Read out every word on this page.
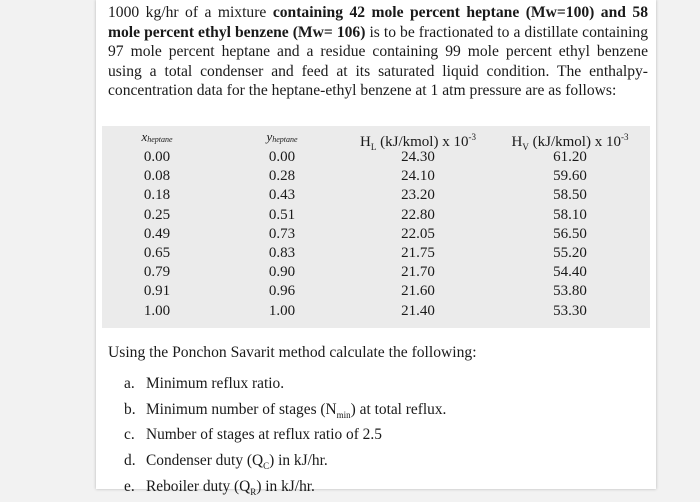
1000 kg/hr of a mixture containing 42 mole percent heptane (Mw=100) and 58 mole percent ethyl benzene (Mw= 106) is to be fractionated to a distillate containing 97 mole percent heptane and a residue containing 99 mole percent ethyl benzene using a total condenser and feed at its saturated liquid condition. The enthalpy-concentration data for the heptane-ethyl benzene at 1 atm pressure are as follows:
$x_{heptane}$
0.00
0.08
0.18
0.25
0.49
0.65
0.79
0.91
1.00
$y_{heptane}$
0.00
0.28
0.43
0.51
0.73
0.83
0.90
0.96
1.00
$H_L$ (kJ/kmol) x $10^{-3}$
24.30
24.10
23.20
22.80
22.05
21.75
21.70
21.60
21.40
$H_V$ (kJ/kmol) x $10^{-3}$
61.20
59.60
58.50
58.10
56.50
55.20
54.40
53.80
53.30
Using the Ponchon Savarit method calculate the following:
a. Minimum reflux ratio.
b. Minimum number of stages $(N_{min})$ at total reflux.
c. Number of stages at reflux ratio of 2.5
d. Condenser duty $(Q_C)$ in kJ/hr.
e. Reboiler duty $(Q_R)$ in kJ/hr.
